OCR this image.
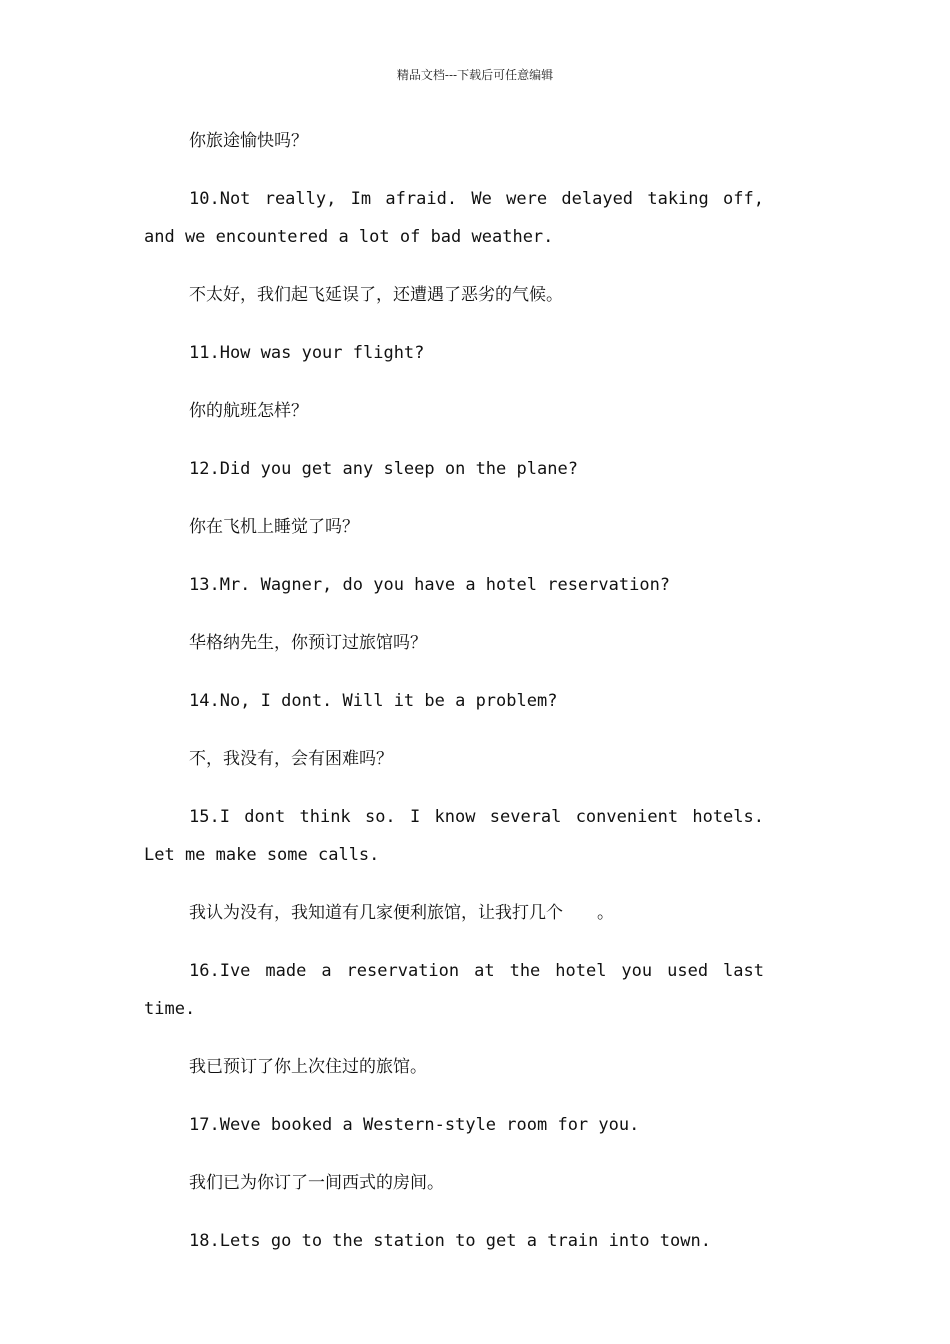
精品文档---下载后可任意编辑

你旅途愉快吗？

10.Not really, Im afraid. We were delayed taking off, and we encountered a lot of bad weather.

不太好，我们起飞延误了，还遭遇了恶劣的气候。

11.How was your flight?

你的航班怎样？

12.Did you get any sleep on the plane?

你在飞机上睡觉了吗？

13.Mr. Wagner, do you have a hotel reservation?

华格纳先生，你预订过旅馆吗？

14.No, I dont. Will it be a problem?

不，我没有，会有困难吗？

15.I dont think so. I know several convenient hotels. Let me make some calls.

我认为没有，我知道有几家便利旅馆，让我打几个　　。

16.Ive made a reservation at the hotel you used last time.

我已预订了你上次住过的旅馆。

17.Weve booked a Western-style room for you.

我们已为你订了一间西式的房间。

18.Lets go to the station to get a train into town.
